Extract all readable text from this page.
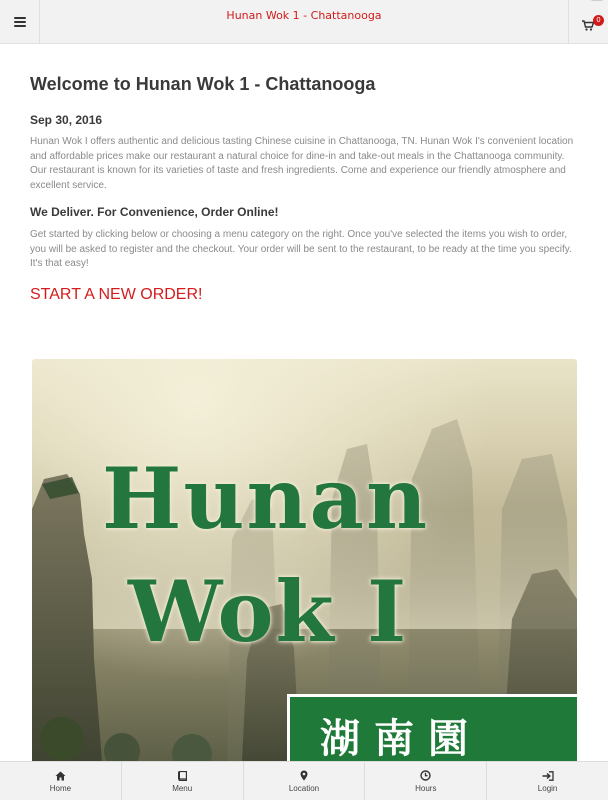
Hunan Wok 1 - Chattanooga	0
Welcome to Hunan Wok 1 - Chattanooga
Sep 30, 2016

Hunan Wok I offers authentic and delicious tasting Chinese cuisine in Chattanooga, TN. Hunan Wok I's convenient location and affordable prices make our restaurant a natural choice for dine-in and take-out meals in the Chattanooga community. Our restaurant is known for its varieties of taste and fresh ingredients. Come and experience our friendly atmosphere and excellent service.

We Deliver. For Convenience, Order Online!

Get started by clicking below or choosing a menu category on the right. Once you've selected the items you wish to order, you will be asked to register and the checkout. Your order will be sent to the restaurant, to be ready at the time you specify. It's that easy!

START A NEW ORDER!
Hunan
Wok I
湖南園
Home	Menu	Location	Hours	Login
